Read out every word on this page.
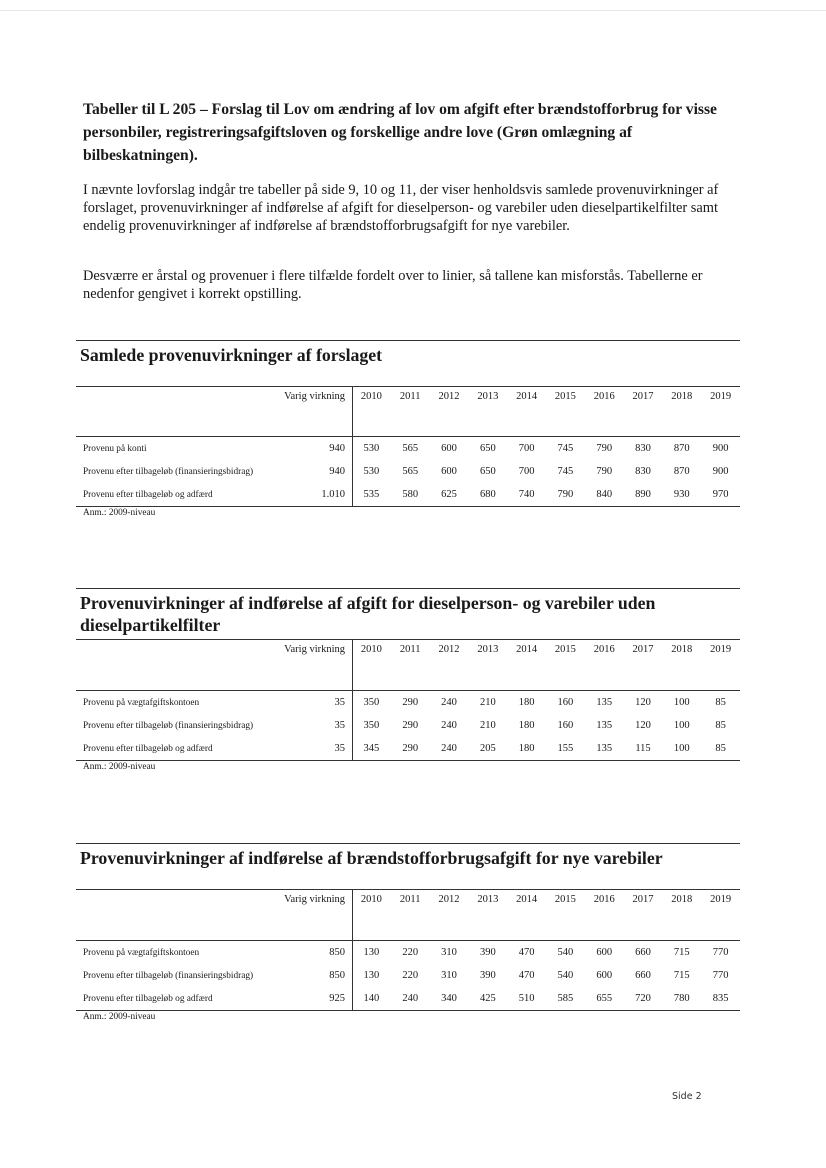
Tabeller til L 205 – Forslag til Lov om ændring af lov om afgift efter brændstofforbrug for visse personbiler, registreringsafgiftsloven og forskellige andre love (Grøn omlægning af bilbeskatningen).
I nævnte lovforslag indgår tre tabeller på side 9, 10 og 11, der viser henholdsvis samlede provenuvirkninger af forslaget, provenuvirkninger af indførelse af afgift for dieselperson- og varebiler uden dieselpartikelfilter samt endelig provenuvirkninger af indførelse af brændstofforbrugsafgift for nye varebiler.
Desværre er årstal og provenuer i flere tilfælde fordelt over to linier, så tallene kan misforstås. Tabellerne er nedenfor gengivet i korrekt opstilling.
Samlede provenuvirkninger af forslaget
Varig virkning	2010	2011	2012	2013	2014	2015	2016	2017	2018	2019
Provenu på konti	940	530	565	600	650	700	745	790	830	870	900
Provenu efter tilbageløb (finansieringsbidrag)	940	530	565	600	650	700	745	790	830	870	900
Provenu efter tilbageløb og adfærd	1.010	535	580	625	680	740	790	840	890	930	970
Anm.: 2009-niveau
Provenuvirkninger af indførelse af afgift for dieselperson- og varebiler uden dieselpartikelfilter
Varig virkning	2010	2011	2012	2013	2014	2015	2016	2017	2018	2019
Provenu på vægtafgiftskontoen	35	350	290	240	210	180	160	135	120	100	85
Provenu efter tilbageløb (finansieringsbidrag)	35	350	290	240	210	180	160	135	120	100	85
Provenu efter tilbageløb og adfærd	35	345	290	240	205	180	155	135	115	100	85
Anm.: 2009-niveau
Provenuvirkninger af indførelse af brændstofforbrugsafgift for nye varebiler
Varig virkning	2010	2011	2012	2013	2014	2015	2016	2017	2018	2019
Provenu på vægtafgiftskontoen	850	130	220	310	390	470	540	600	660	715	770
Provenu efter tilbageløb (finansieringsbidrag)	850	130	220	310	390	470	540	600	660	715	770
Provenu efter tilbageløb og adfærd	925	140	240	340	425	510	585	655	720	780	835
Anm.: 2009-niveau
Side 2
